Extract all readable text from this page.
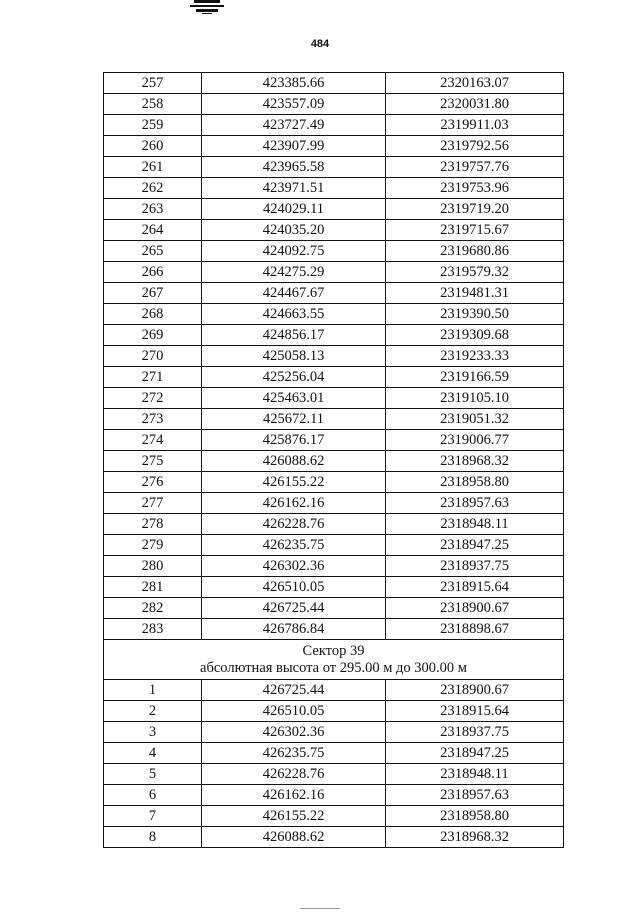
484
257	423385.66	2320163.07
258	423557.09	2320031.80
259	423727.49	2319911.03
260	423907.99	2319792.56
261	423965.58	2319757.76
262	423971.51	2319753.96
263	424029.11	2319719.20
264	424035.20	2319715.67
265	424092.75	2319680.86
266	424275.29	2319579.32
267	424467.67	2319481.31
268	424663.55	2319390.50
269	424856.17	2319309.68
270	425058.13	2319233.33
271	425256.04	2319166.59
272	425463.01	2319105.10
273	425672.11	2319051.32
274	425876.17	2319006.77
275	426088.62	2318968.32
276	426155.22	2318958.80
277	426162.16	2318957.63
278	426228.76	2318948.11
279	426235.75	2318947.25
280	426302.36	2318937.75
281	426510.05	2318915.64
282	426725.44	2318900.67
283	426786.84	2318898.67

Сектор 39
абсолютная высота от 295.00 м до 300.00 м		

1	426725.44	2318900.67
2	426510.05	2318915.64
3	426302.36	2318937.75
4	426235.75	2318947.25
5	426228.76	2318948.11
6	426162.16	2318957.63
7	426155.22	2318958.80
8	426088.62	2318968.32
